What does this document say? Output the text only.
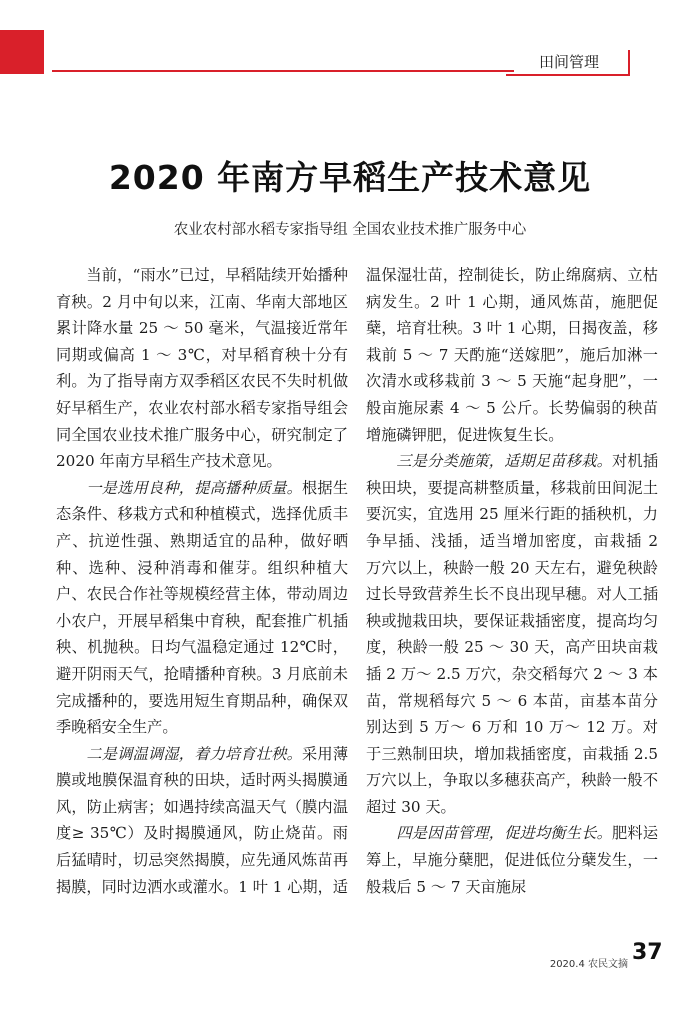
田间管理
2020 年南方早稻生产技术意见
农业农村部水稻专家指导组 全国农业技术推广服务中心

当前，“雨水”已过，早稻陆续开始播种育秧。2 月中旬以来，江南、华南大部地区累计降水量 25 ～ 50 毫米，气温接近常年同期或偏高 1 ～ 3℃，对早稻育秧十分有利。为了指导南方双季稻区农民不失时机做好早稻生产，农业农村部水稻专家指导组会同全国农业技术推广服务中心，研究制定了 2020 年南方早稻生产技术意见。

一是选用良种，提高播种质量。根据生态条件、移栽方式和种植模式，选择优质丰产、抗逆性强、熟期适宜的品种，做好晒种、选种、浸种消毒和催芽。组织种植大户、农民合作社等规模经营主体，带动周边小农户，开展早稻集中育秧，配套推广机插秧、机抛秧。日均气温稳定通过 12℃时，避开阴雨天气，抢晴播种育秧。3 月底前未完成播种的，要选用短生育期品种，确保双季晚稻安全生产。

二是调温调湿，着力培育壮秧。采用薄膜或地膜保温育秧的田块，适时两头揭膜通风，防止病害；如遇持续高温天气（膜内温度≥ 35℃）及时揭膜通风，防止烧苗。雨后猛晴时，切忌突然揭膜，应先通风炼苗再揭膜，同时边洒水或灌水。1 叶 1 心期，适

温保湿壮苗，控制徒长，防止绵腐病、立枯病发生。2 叶 1 心期，通风炼苗，施肥促蘖，培育壮秧。3 叶 1 心期，日揭夜盖，移栽前 5 ～ 7 天酌施“送嫁肥”，施后加淋一次清水或移栽前 3 ～ 5 天施“起身肥”，一般亩施尿素 4 ～ 5 公斤。长势偏弱的秧苗增施磷钾肥，促进恢复生长。

三是分类施策，适期足苗移栽。对机插秧田块，要提高耕整质量，移栽前田间泥土要沉实，宜选用 25 厘米行距的插秧机，力争早插、浅插，适当增加密度，亩栽插 2 万穴以上，秧龄一般 20 天左右，避免秧龄过长导致营养生长不良出现早穗。对人工插秧或抛栽田块，要保证栽插密度，提高均匀度，秧龄一般 25 ～ 30 天，高产田块亩栽插 2 万～ 2.5 万穴，杂交稻每穴 2 ～ 3 本苗，常规稻每穴 5 ～ 6 本苗，亩基本苗分别达到 5 万～ 6 万和 10 万～ 12 万。对于三熟制田块，增加栽插密度，亩栽插 2.5 万穴以上，争取以多穗获高产，秧龄一般不超过 30 天。

四是因苗管理，促进均衡生长。肥料运筹上，早施分蘖肥，促进低位分蘖发生，一般栽后 5 ～ 7 天亩施尿

2020.4 农民文摘 37
